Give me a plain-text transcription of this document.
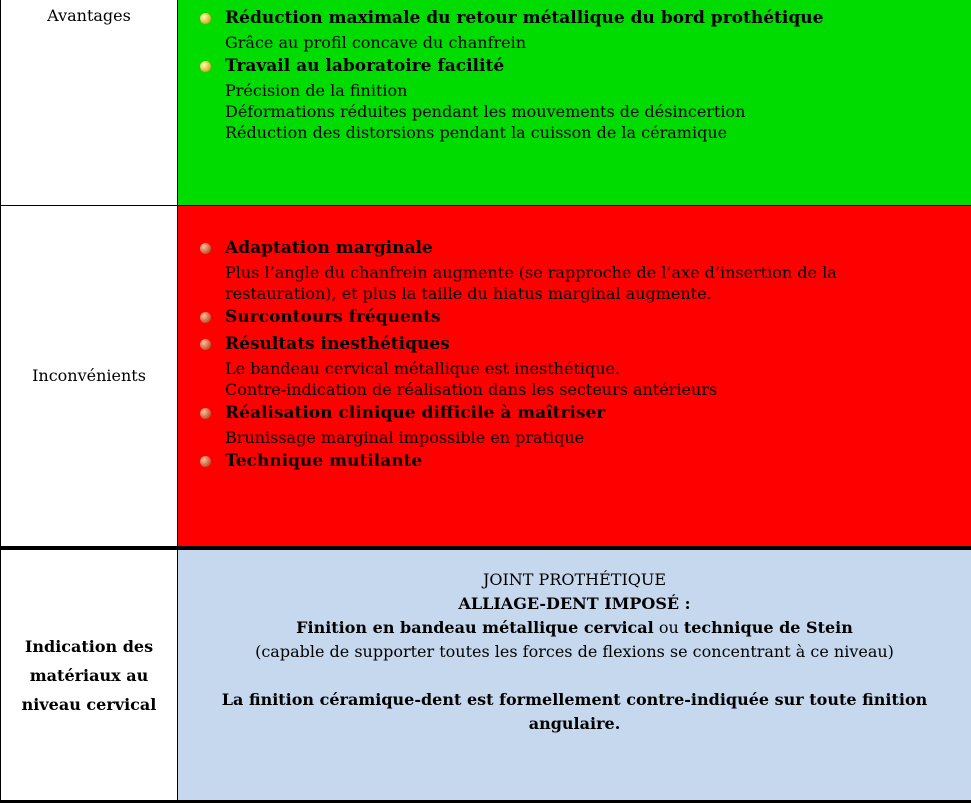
Avantages	Réduction maximale du retour métallique du bord prothétique
Grâce au profil concave du chanfrein
Travail au laboratoire facilité
Précision de la finition
Déformations réduites pendant les mouvements de désincertion
Réduction des distorsions pendant la cuisson de la céramique
Inconvénients
Adaptation marginale
Plus l’angle du chanfrein augmente (se rapproche de l’axe d’insertion de la
restauration), et plus la taille du hiatus marginal augmente.
Surcontours fréquents
Résultats inesthétiques
Le bandeau cervical métallique est inesthétique.
Contre-indication de réalisation dans les secteurs antérieurs
Réalisation clinique difficile à maîtriser
Brunissage marginal impossible en pratique
Technique mutilante
Indication des
matériaux au
niveau cervical
JOINT PROTHÉTIQUE
ALLIAGE-DENT IMPOSÉ :
Finition en bandeau métallique cervical ou technique de Stein
(capable de supporter toutes les forces de flexions se concentrant à ce niveau)
La finition céramique-dent est formellement contre-indiquée sur toute finition
angulaire.
